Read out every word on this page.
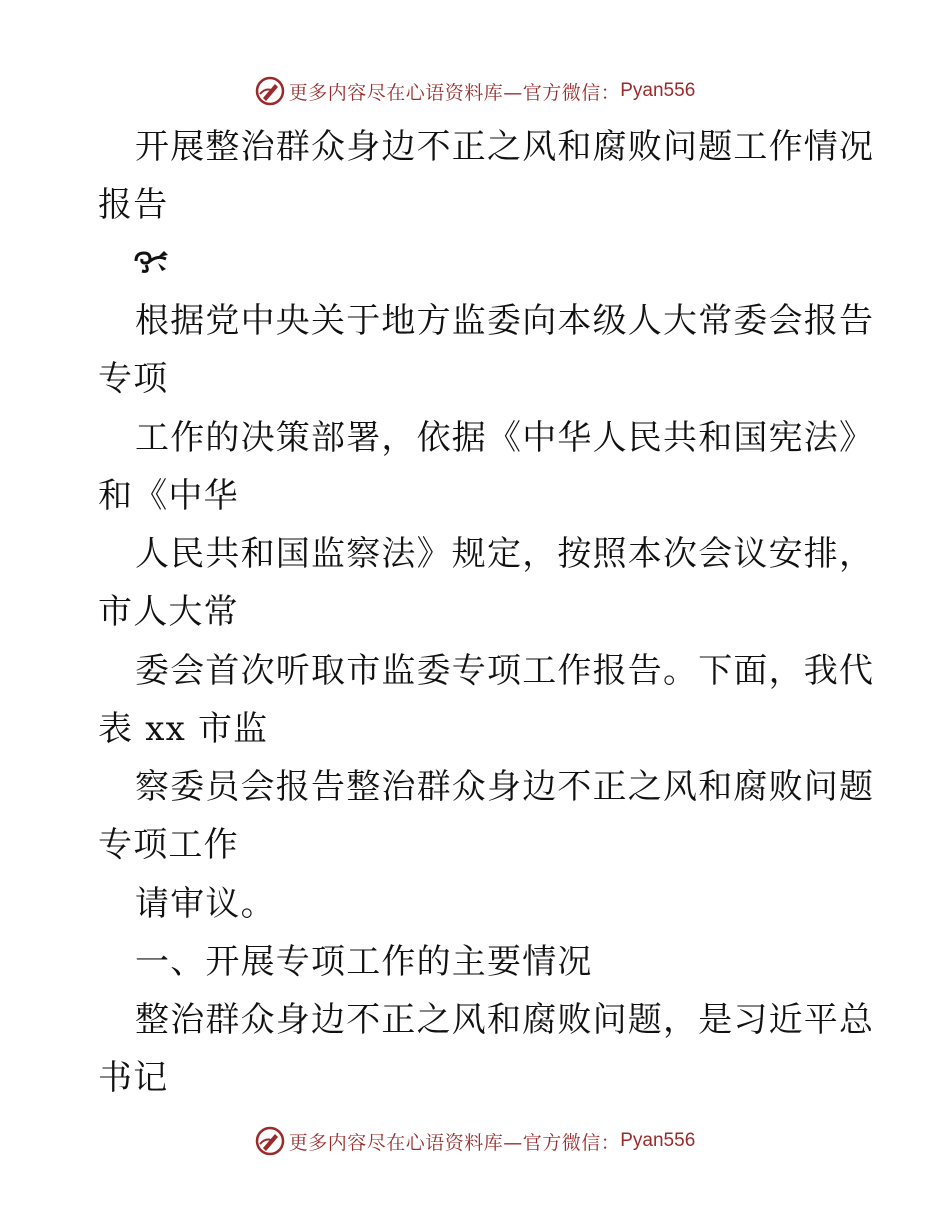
更多内容尽在心语资料库—官方微信： Pyan556
开展整治群众身边不正之风和腐败问题工作情况
报告
根据党中央关于地方监委向本级人大常委会报告
专项
工作的决策部署，依据《中华人民共和国宪法》
和《中华
人民共和国监察法》规定，按照本次会议安排，
市人大常
委会首次听取市监委专项工作报告。下面，我代
表 xx 市监
察委员会报告整治群众身边不正之风和腐败问题
专项工作
请审议。
一、开展专项工作的主要情况
整治群众身边不正之风和腐败问题，是习近平总
书记
更多内容尽在心语资料库—官方微信： Pyan556
